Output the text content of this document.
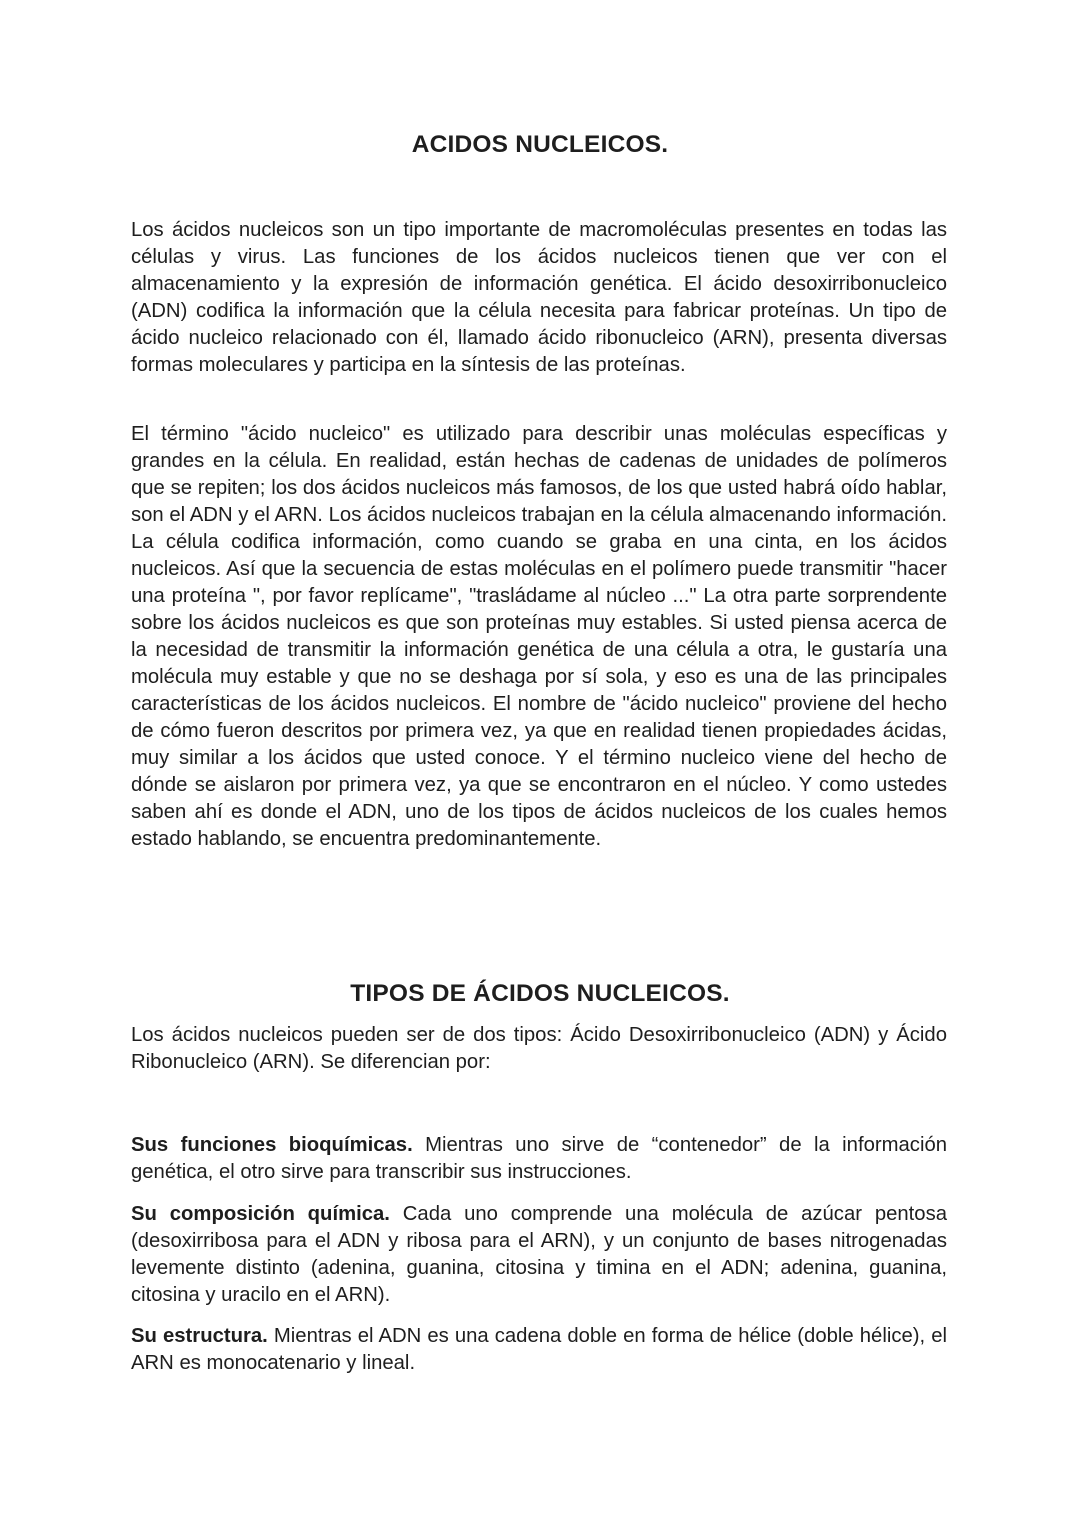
ACIDOS NUCLEICOS.

Los ácidos nucleicos son un tipo importante de macromoléculas presentes en todas las células y virus. Las funciones de los ácidos nucleicos tienen que ver con el almacenamiento y la expresión de información genética. El ácido desoxirribonucleico (ADN) codifica la información que la célula necesita para fabricar proteínas. Un tipo de ácido nucleico relacionado con él, llamado ácido ribonucleico (ARN), presenta diversas formas moleculares y participa en la síntesis de las proteínas.

El término "ácido nucleico" es utilizado para describir unas moléculas específicas y grandes en la célula. En realidad, están hechas de cadenas de unidades de polímeros que se repiten; los dos ácidos nucleicos más famosos, de los que usted habrá oído hablar, son el ADN y el ARN. Los ácidos nucleicos trabajan en la célula almacenando información. La célula codifica información, como cuando se graba en una cinta, en los ácidos nucleicos. Así que la secuencia de estas moléculas en el polímero puede transmitir "hacer una proteína ", por favor replícame", "trasládame al núcleo ..." La otra parte sorprendente sobre los ácidos nucleicos es que son proteínas muy estables. Si usted piensa acerca de la necesidad de transmitir la información genética de una célula a otra, le gustaría una molécula muy estable y que no se deshaga por sí sola, y eso es una de las principales características de los ácidos nucleicos. El nombre de "ácido nucleico" proviene del hecho de cómo fueron descritos por primera vez, ya que en realidad tienen propiedades ácidas, muy similar a los ácidos que usted conoce. Y el término nucleico viene del hecho de dónde se aislaron por primera vez, ya que se encontraron en el núcleo. Y como ustedes saben ahí es donde el ADN, uno de los tipos de ácidos nucleicos de los cuales hemos estado hablando, se encuentra predominantemente.

TIPOS DE ÁCIDOS NUCLEICOS.

Los ácidos nucleicos pueden ser de dos tipos: Ácido Desoxirribonucleico (ADN) y Ácido Ribonucleico (ARN). Se diferencian por:

Sus funciones bioquímicas. Mientras uno sirve de “contenedor” de la información genética, el otro sirve para transcribir sus instrucciones.

Su composición química. Cada uno comprende una molécula de azúcar pentosa (desoxirribosa para el ADN y ribosa para el ARN), y un conjunto de bases nitrogenadas levemente distinto (adenina, guanina, citosina y timina en el ADN; adenina, guanina, citosina y uracilo en el ARN).

Su estructura. Mientras el ADN es una cadena doble en forma de hélice (doble hélice), el ARN es monocatenario y lineal.
